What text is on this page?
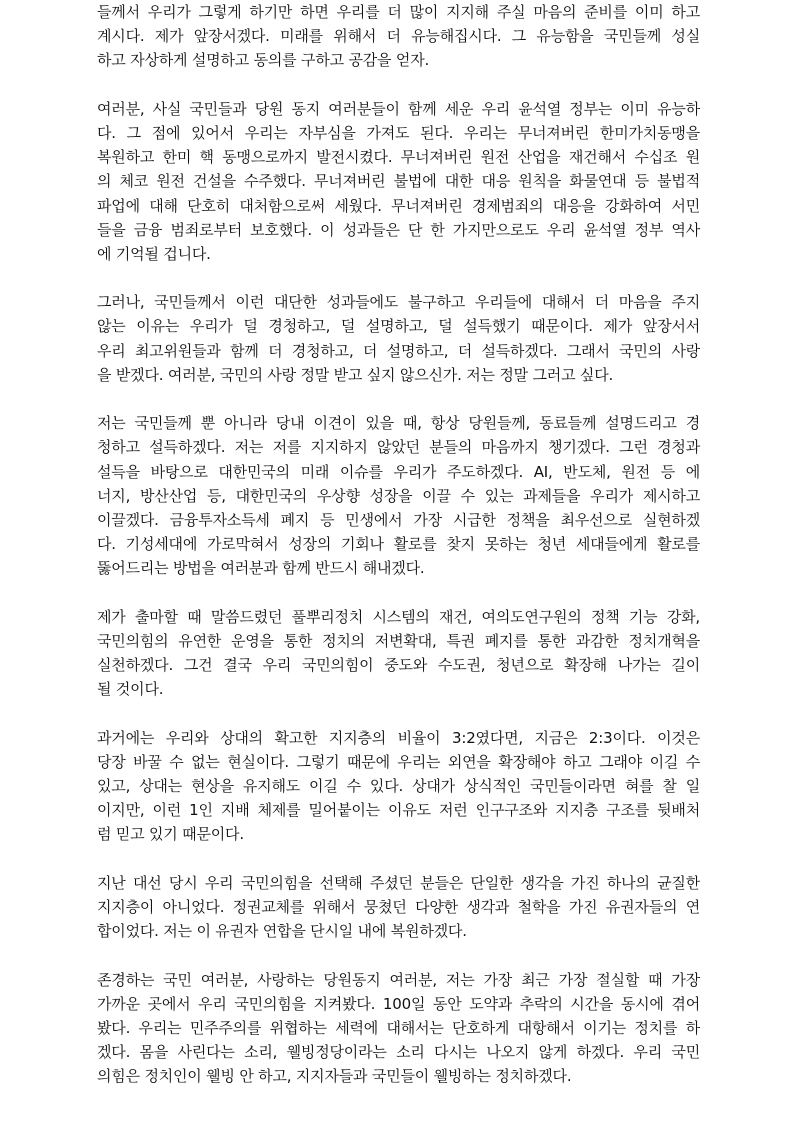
들께서 우리가 그렇게 하기만 하면 우리를 더 많이 지지해 주실 마음의 준비를 이미 하고
계시다. 제가 앞장서겠다. 미래를 위해서 더 유능해집시다. 그 유능함을 국민들께 성실
하고 자상하게 설명하고 동의를 구하고 공감을 얻자.
여러분, 사실 국민들과 당원 동지 여러분들이 함께 세운 우리 윤석열 정부는 이미 유능하
다. 그 점에 있어서 우리는 자부심을 가져도 된다. 우리는 무너져버린 한미가치동맹을
복원하고 한미 핵 동맹으로까지 발전시켰다. 무너져버린 원전 산업을 재건해서 수십조 원
의 체코 원전 건설을 수주했다. 무너져버린 불법에 대한 대응 원칙을 화물연대 등 불법적
파업에 대해 단호히 대처함으로써 세웠다. 무너져버린 경제범죄의 대응을 강화하여 서민
들을 금융 범죄로부터 보호했다. 이 성과들은 단 한 가지만으로도 우리 윤석열 정부 역사
에 기억될 겁니다.
그러나, 국민들께서 이런 대단한 성과들에도 불구하고 우리들에 대해서 더 마음을 주지
않는 이유는 우리가 덜 경청하고, 덜 설명하고, 덜 설득했기 때문이다. 제가 앞장서서
우리 최고위원들과 함께 더 경청하고, 더 설명하고, 더 설득하겠다. 그래서 국민의 사랑
을 받겠다. 여러분, 국민의 사랑 정말 받고 싶지 않으신가. 저는 정말 그러고 싶다.
저는 국민들께 뿐 아니라 당내 이견이 있을 때, 항상 당원들께, 동료들께 설명드리고 경
청하고 설득하겠다. 저는 저를 지지하지 않았던 분들의 마음까지 챙기겠다. 그런 경청과
설득을 바탕으로 대한민국의 미래 이슈를 우리가 주도하겠다. AI, 반도체, 원전 등 에
너지, 방산산업 등, 대한민국의 우상향 성장을 이끌 수 있는 과제들을 우리가 제시하고
이끌겠다. 금융투자소득세 폐지 등 민생에서 가장 시급한 정책을 최우선으로 실현하겠
다. 기성세대에 가로막혀서 성장의 기회나 활로를 찾지 못하는 청년 세대들에게 활로를
뚫어드리는 방법을 여러분과 함께 반드시 해내겠다.
제가 출마할 때 말씀드렸던 풀뿌리정치 시스템의 재건, 여의도연구원의 정책 기능 강화,
국민의힘의 유연한 운영을 통한 정치의 저변확대, 특권 폐지를 통한 과감한 정치개혁을
실천하겠다. 그건 결국 우리 국민의힘이 중도와 수도권, 청년으로 확장해 나가는 길이
될 것이다.
과거에는 우리와 상대의 확고한 지지층의 비율이 3:2였다면, 지금은 2:3이다. 이것은
당장 바꿀 수 없는 현실이다. 그렇기 때문에 우리는 외연을 확장해야 하고 그래야 이길 수
있고, 상대는 현상을 유지해도 이길 수 있다. 상대가 상식적인 국민들이라면 혀를 찰 일
이지만, 이런 1인 지배 체제를 밀어붙이는 이유도 저런 인구구조와 지지층 구조를 뒷배처
럼 믿고 있기 때문이다.
지난 대선 당시 우리 국민의힘을 선택해 주셨던 분들은 단일한 생각을 가진 하나의 균질한
지지층이 아니었다. 정권교체를 위해서 뭉쳤던 다양한 생각과 철학을 가진 유권자들의 연
합이었다. 저는 이 유권자 연합을 단시일 내에 복원하겠다.
존경하는 국민 여러분, 사랑하는 당원동지 여러분, 저는 가장 최근 가장 절실할 때 가장
가까운 곳에서 우리 국민의힘을 지켜봤다. 100일 동안 도약과 추락의 시간을 동시에 겪어
봤다. 우리는 민주주의를 위협하는 세력에 대해서는 단호하게 대항해서 이기는 정치를 하
겠다. 몸을 사린다는 소리, 웰빙정당이라는 소리 다시는 나오지 않게 하겠다. 우리 국민
의힘은 정치인이 웰빙 안 하고, 지지자들과 국민들이 웰빙하는 정치하겠다.
